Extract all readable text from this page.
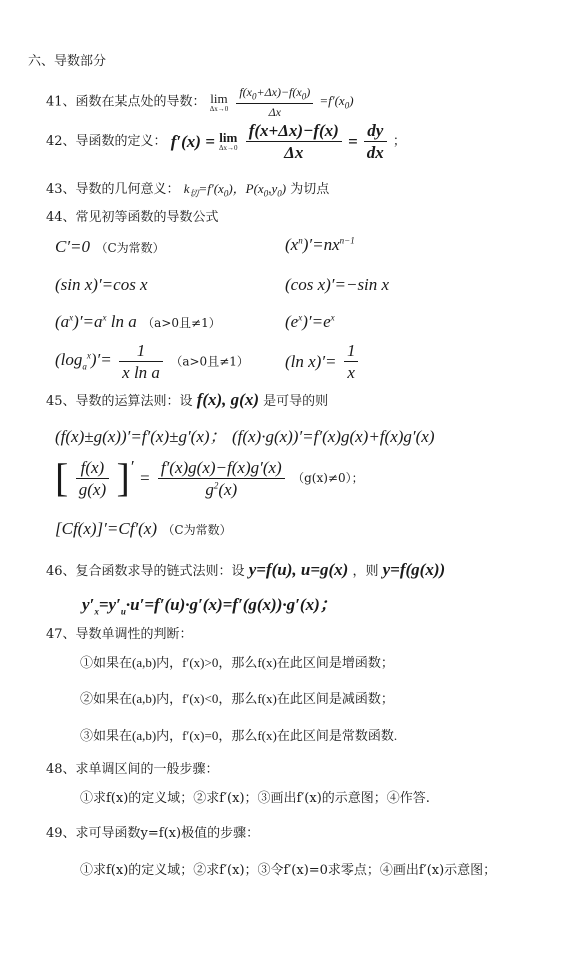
六、导数部分
41、函数在某点处的导数： lim
Δx→0
$\frac{f(x_0+\Delta x)-f(x_0)}{\Delta x} =f'(x_0)$
42、导函数的定义： f′(x) = lim
Δx→0
$\frac{f(x+\Delta x)-f(x)}{\Delta x} = \frac{dy}{dx}$ ；
43、导数的几何意义： $k_切=f'(x_0)$，$P(x_0,y_0)$ 为切点
44、常见初等函数的导数公式
C′=0 （C为常数）	$(x^n)'=nx^{n-1}$
(sin x)′=cos x	(cos x)′=−sin x
$(a^x)'=a^x$ ln a （a>0且≠1）	$(e^x)'=e^x$
$(\log_a^x)'= \frac{1}{\text{x ln a}} (a>0$且≠1） (ln $x)'= \frac{1}{x}$
45、导数的运算法则：设 f(x), g(x) 是可导的则
(f(x)±g(x))′=f′(x)±g′(x)； (f(x)·g(x))′=f′(x)g(x)+f(x)g′(x)
[ $\frac{f(x)}{g(x)}$ ]′ = $\frac{f'(x)g(x)-f(x)g'(x)}{g^2(x)} (g(x)\ne 0)$；
[Cf(x)]′=Cf′(x) （C为常数）
46、复合函数求导的链式法则：设 y=f(u), u=g(x) ，则 y=f(g(x))
$y'_x=y'_u\cdot u'=f'(u)\cdot g'(x)=f'(g(x))\cdot g'(x)$；
47、导数单调性的判断：
①如果在(a,b)内，f′(x)>0，那么f(x)在此区间是增函数；
②如果在(a,b)内，f′(x)<0，那么f(x)在此区间是减函数；
③如果在(a,b)内，f′(x)=0，那么f(x)在此区间是常数函数.
48、求单调区间的一般步骤：
①求f(x)的定义域；②求f′(x)；③画出f′(x)的示意图；④作答.
49、求可导函数y=f(x)极值的步骤：
①求f(x)的定义域；②求f′(x)；③令f′(x)=0求零点；④画出f′(x)示意图；
